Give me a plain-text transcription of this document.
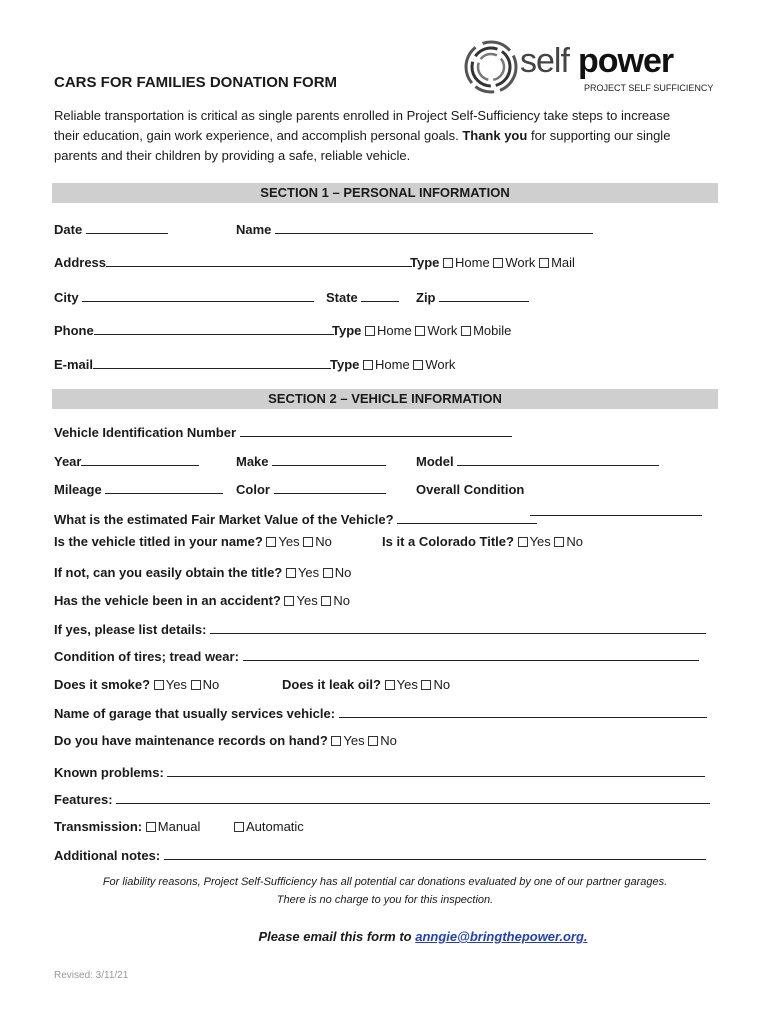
self power
PROJECT SELF SUFFICIENCY
CARS FOR FAMILIES DONATION FORM
Reliable transportation is critical as single parents enrolled in Project Self-Sufficiency take steps to increase
their education, gain work experience, and accomplish personal goals. Thank you for supporting our single
parents and their children by providing a safe, reliable vehicle.
SECTION 1 – PERSONAL INFORMATION
Date	Name
Address	Type Home Work Mail
City	State	Zip
Phone	Type Home Work Mobile
E-mail	Type Home Work
SECTION 2 – VEHICLE INFORMATION
Vehicle Identification Number
Year	Make	Model
Mileage	Color	Overall Condition
What is the estimated Fair Market Value of the Vehicle?
Is the vehicle titled in your name? Yes No	Is it a Colorado Title? Yes No
If not, can you easily obtain the title? Yes No
Has the vehicle been in an accident? Yes No
If yes, please list details:
Condition of tires; tread wear:
Does it smoke? Yes No	Does it leak oil? Yes No
Name of garage that usually services vehicle:
Do you have maintenance records on hand? Yes No
Known problems:
Features:
Transmission: Manual	Automatic
Additional notes:
For liability reasons, Project Self-Sufficiency has all potential car donations evaluated by one of our partner garages.
There is no charge to you for this inspection.
Please email this form to anngie@bringthepower.org.
Revised: 3/11/21
